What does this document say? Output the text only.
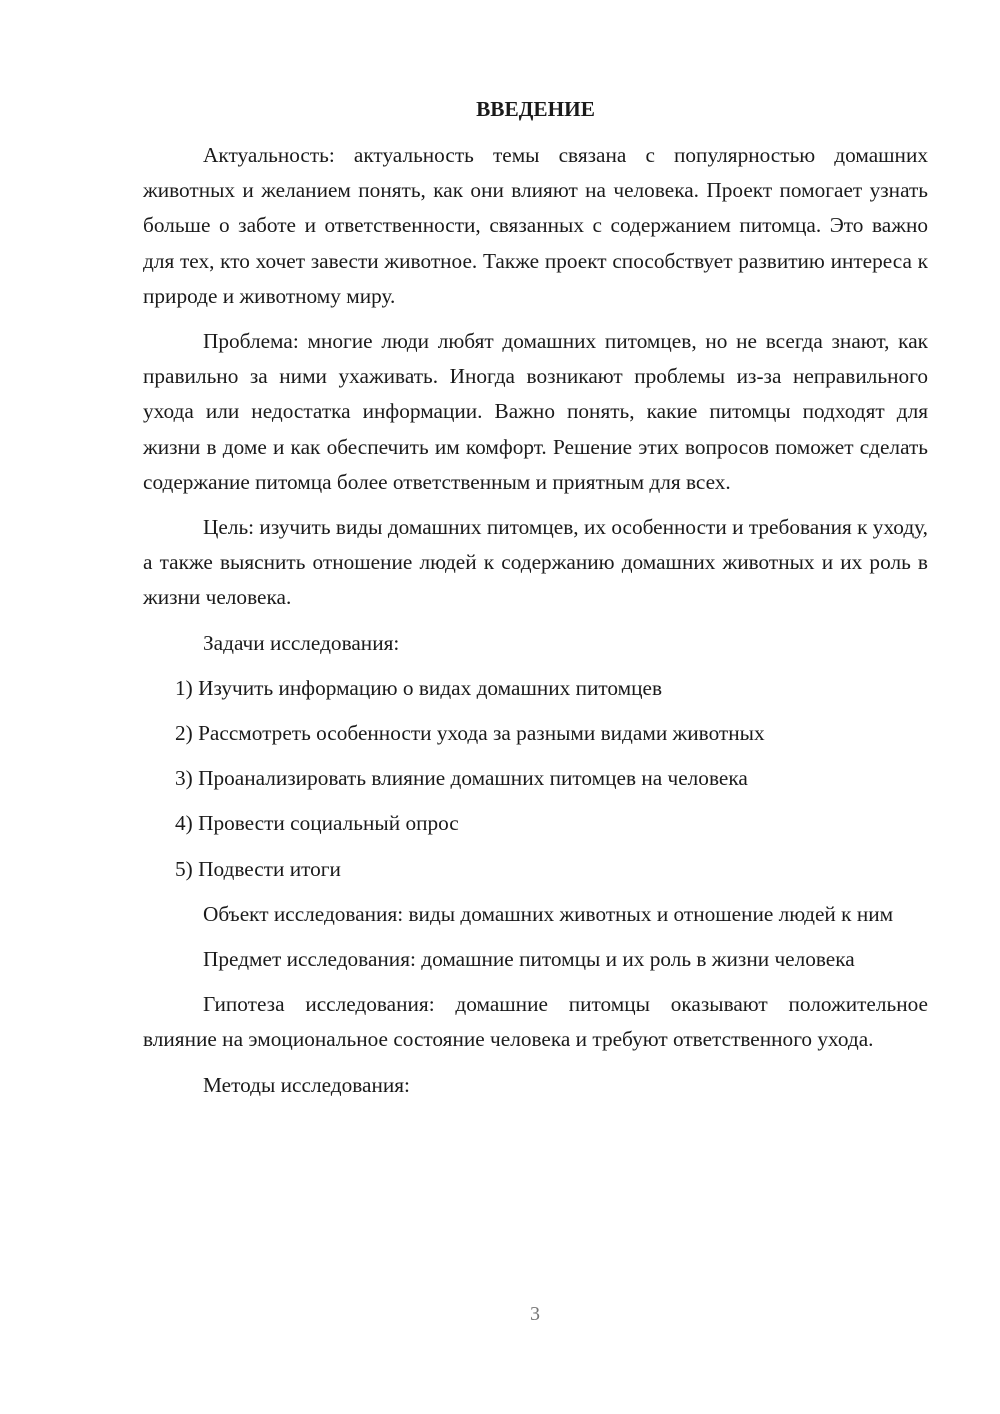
ВВЕДЕНИЕ

Актуальность: актуальность темы связана с популярностью домашних животных и желанием понять, как они влияют на человека. Проект помогает узнать больше о заботе и ответственности, связанных с содержанием питомца. Это важно для тех, кто хочет завести животное. Также проект способствует развитию интереса к природе и животному миру.

Проблема: многие люди любят домашних питомцев, но не всегда знают, как правильно за ними ухаживать. Иногда возникают проблемы из-за неправильного ухода или недостатка информации. Важно понять, какие питомцы подходят для жизни в доме и как обеспечить им комфорт. Решение этих вопросов поможет сделать содержание питомца более ответственным и приятным для всех.

Цель: изучить виды домашних питомцев, их особенности и требования к уходу, а также выяснить отношение людей к содержанию домашних животных и их роль в жизни человека.

Задачи исследования:

1) Изучить информацию о видах домашних питомцев

2) Рассмотреть особенности ухода за разными видами животных

3) Проанализировать влияние домашних питомцев на человека

4) Провести социальный опрос

5) Подвести итоги

Объект исследования: виды домашних животных и отношение людей к ним

Предмет исследования: домашние питомцы и их роль в жизни человека

Гипотеза исследования: домашние питомцы оказывают положительное влияние на эмоциональное состояние человека и требуют ответственного ухода.

Методы исследования:

3
